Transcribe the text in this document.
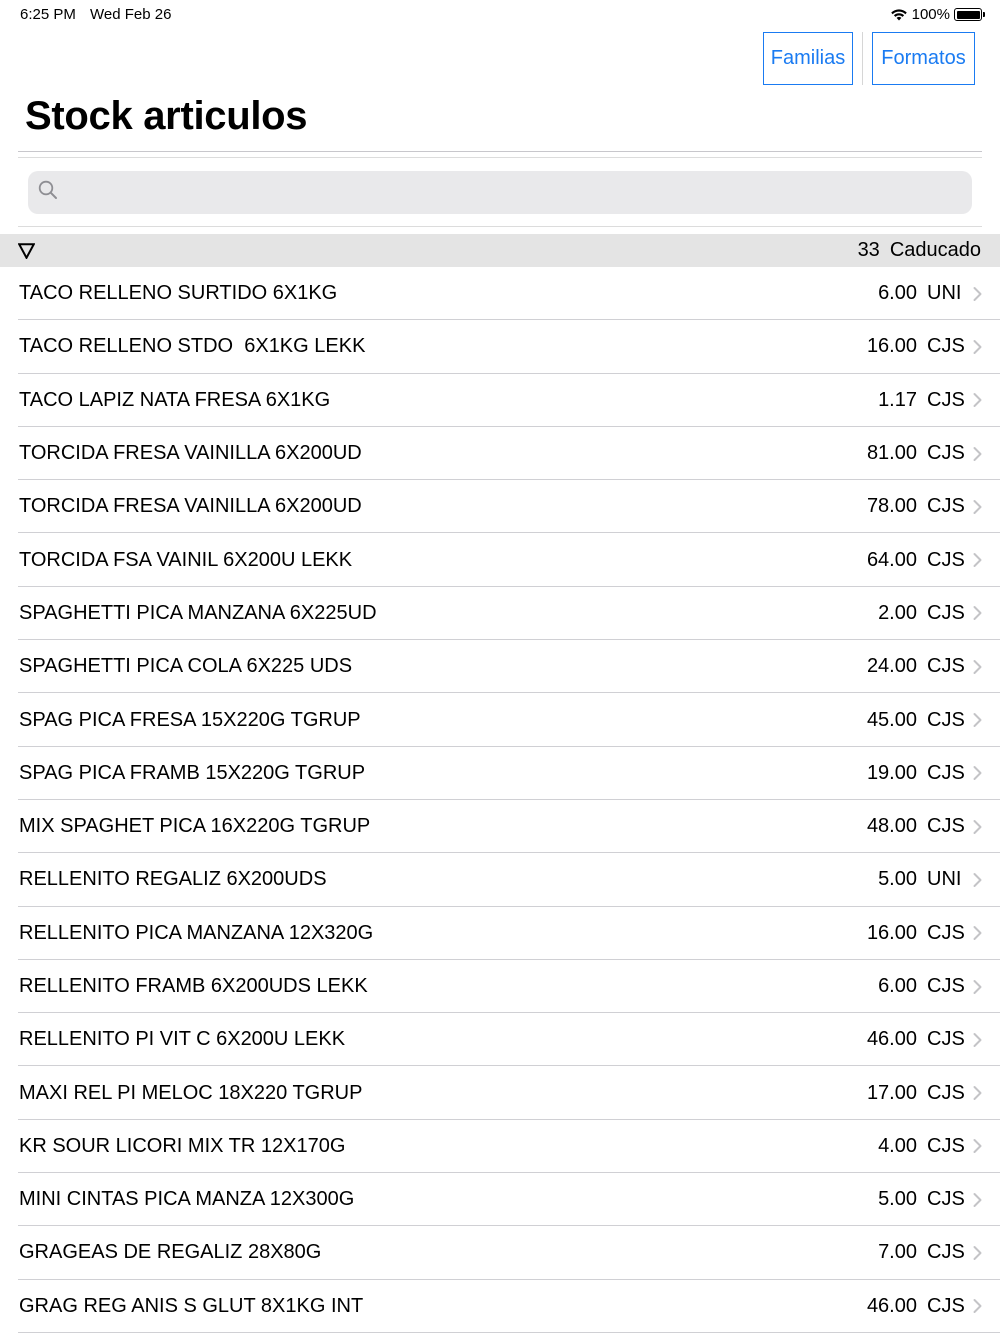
6:25 PM Wed Feb 26	100%
Familias	Formatos
Stock articulos
33 Caducado
TACO RELLENO SURTIDO 6X1KG	6.00 UNI
TACO RELLENO STDO  6X1KG LEKK	16.00 CJS
TACO LAPIZ NATA FRESA 6X1KG	1.17 CJS
TORCIDA FRESA VAINILLA 6X200UD	81.00 CJS
TORCIDA FRESA VAINILLA 6X200UD	78.00 CJS
TORCIDA FSA VAINIL 6X200U LEKK	64.00 CJS
SPAGHETTI PICA MANZANA 6X225UD	2.00 CJS
SPAGHETTI PICA COLA 6X225 UDS	24.00 CJS
SPAG PICA FRESA 15X220G TGRUP	45.00 CJS
SPAG PICA FRAMB 15X220G TGRUP	19.00 CJS
MIX SPAGHET PICA 16X220G TGRUP	48.00 CJS
RELLENITO REGALIZ 6X200UDS	5.00 UNI
RELLENITO PICA MANZANA 12X320G	16.00 CJS
RELLENITO FRAMB 6X200UDS LEKK	6.00 CJS
RELLENITO PI VIT C 6X200U LEKK	46.00 CJS
MAXI REL PI MELOC 18X220 TGRUP	17.00 CJS
KR SOUR LICORI MIX TR 12X170G	4.00 CJS
MINI CINTAS PICA MANZA 12X300G	5.00 CJS
GRAGEAS DE REGALIZ 28X80G	7.00 CJS
GRAG REG ANIS S GLUT 8X1KG INT	46.00 CJS
